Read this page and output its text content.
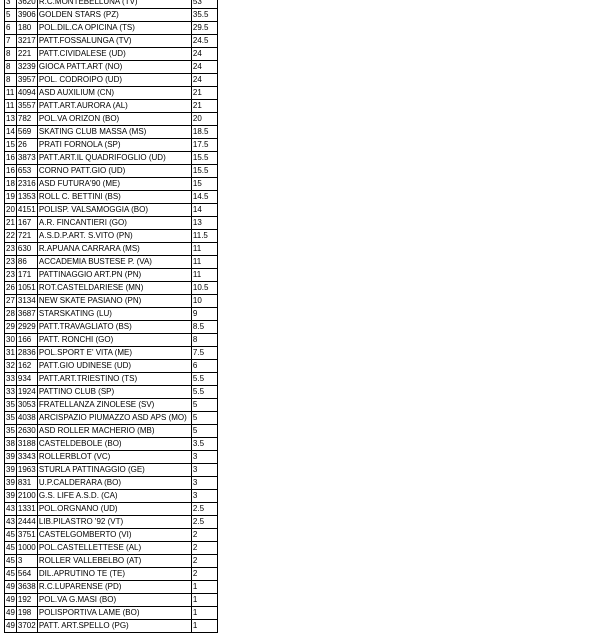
3	3620	R.C.MONTEBELLUNA (TV)	53
5	3906	GOLDEN STARS (PZ)	35.5
6	180	POL.DIL.CA OPICINA (TS)	29.5
7	3217	PATT.FOSSALUNGA (TV)	24.5
8	221	PATT.CIVIDALESE (UD)	24
8	3239	GIOCA PATT.ART (NO)	24
8	3957	POL. CODROIPO (UD)	24
11	4094	ASD AUXILIUM (CN)	21
11	3557	PATT.ART.AURORA (AL)	21
13	782	POL.VA ORIZON (BO)	20
14	569	SKATING CLUB MASSA (MS)	18.5
15	26	PRATI FORNOLA (SP)	17.5
16	3873	PATT.ART.IL QUADRIFOGLIO (UD)	15.5
16	653	CORNO PATT.GIO (UD)	15.5
18	2316	ASD FUTURA'90 (ME)	15
19	1353	ROLL C. BETTINI (BS)	14.5
20	4151	POLISP. VALSAMOGGIA (BO)	14
21	167	A.R. FINCANTIERI (GO)	13
22	721	A.S.D.P.ART. S.VITO (PN)	11.5
23	630	R.APUANA CARRARA (MS)	11
23	86	ACCADEMIA BUSTESE P. (VA)	11
23	171	PATTINAGGIO ART.PN (PN)	11
26	1051	ROT.CASTELDARIESE (MN)	10.5
27	3134	NEW SKATE PASIANO (PN)	10
28	3687	STARSKATING (LU)	9
29	2929	PATT.TRAVAGLIATO (BS)	8.5
30	166	PATT. RONCHI (GO)	8
31	2836	POL.SPORT E' VITA (ME)	7.5
32	162	PATT.GIO UDINESE (UD)	6
33	934	PATT.ART.TRIESTINO (TS)	5.5
33	1924	PATTINO CLUB (SP)	5.5
35	3053	FRATELLANZA ZINOLESE (SV)	5
35	4038	ARCISPAZIO PIUMAZZO ASD APS (MO)	5
35	2630	ASD ROLLER MACHERIO (MB)	5
38	3188	CASTELDEBOLE (BO)	3.5
39	3343	ROLLERBLOT (VC)	3
39	1963	STURLA PATTINAGGIO (GE)	3
39	831	U.P.CALDERARA (BO)	3
39	2100	G.S. LIFE A.S.D. (CA)	3
43	1331	POL.ORGNANO (UD)	2.5
43	2444	LIB.PILASTRO '92 (VT)	2.5
45	3751	CASTELGOMBERTO (VI)	2
45	1000	POL.CASTELLETTESE (AL)	2
45	3	ROLLER VALLEBELBO (AT)	2
45	564	DIL.APRUTINO TE (TE)	2
49	3638	R.C.LUPARENSE (PD)	1
49	192	POL.VA G.MASI (BO)	1
49	198	POLISPORTIVA LAME (BO)	1
49	3702	PATT. ART.SPELLO (PG)	1
